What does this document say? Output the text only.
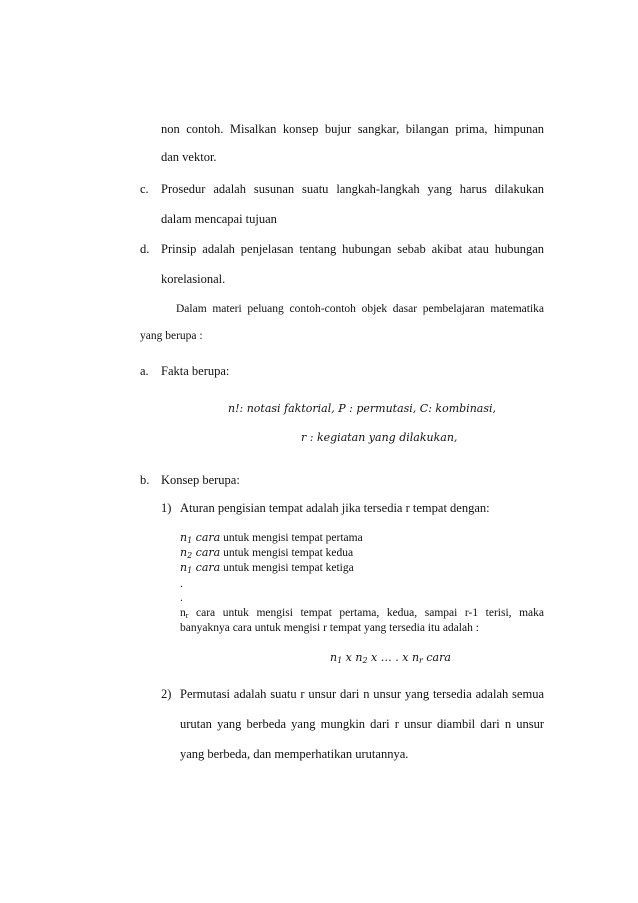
non contoh. Misalkan konsep bujur sangkar, bilangan prima, himpunan
dan vektor.
c. Prosedur adalah susunan suatu langkah-langkah yang harus dilakukan
dalam mencapai tujuan
d. Prinsip adalah penjelasan tentang hubungan sebab akibat atau hubungan
korelasional.
Dalam materi peluang contoh-contoh objek dasar pembelajaran matematika
yang berupa :
a. Fakta berupa:
n!: notasi faktorial, P : permutasi, C: kombinasi,
r : kegiatan yang dilakukan,
b. Konsep berupa:
1) Aturan pengisian tempat adalah jika tersedia r tempat dengan:
$n_1$ cara untuk mengisi tempat pertama
$n_2$ cara untuk mengisi tempat kedua
$n_1$ cara untuk mengisi tempat ketiga
.
.
$n_r$ cara untuk mengisi tempat pertama, kedua, sampai r-1 terisi, maka
banyaknya cara untuk mengisi r tempat yang tersedia itu adalah :
$n_1$ x $n_2$ x … . x $n_r$ cara
2) Permutasi adalah suatu r unsur dari n unsur yang tersedia adalah semua
urutan yang berbeda yang mungkin dari r unsur diambil dari n unsur
yang berbeda, dan memperhatikan urutannya.
